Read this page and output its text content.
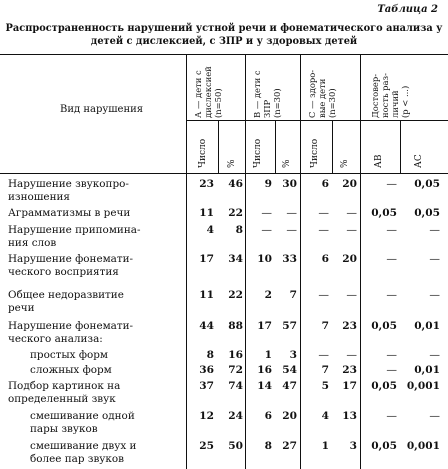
Таблица 2
Распространенность нарушений устной речи и фонематического анализа у
детей с дислексией, с ЗПР и у здоровых детей
Вид нарушения	А — дети с
дислексией
(n=50)	В — дети с
ЗПР
(n=30)	С — здоро-
вые дети
(n=30)	Достовер-
ность раз-
личий
(p < ...)
Число % Число % Число %	АВ	АС
Нарушение звукопро-
изношения
23	46	9 30	6	20	—	0,05
Аграмматизмы в речи	11	22	—	—	—	—	0,05	0,05
Нарушение припомина-
ния слов
4	8	—	—	—	—	—	—
Нарушение фонемати-
ческого восприятия
17	34	10 33	6	20	—	—
Общее недоразвитие
речи
11	22	2	7	—	—	—	—
Нарушение фонемати-
ческого анализа:
44	88	17 57	7	23	0,05	0,01
простых форм	8	16	1	3	—	—	—	—
сложных форм	36	72	16 54	7	23	—	0,01
Подбор картинок на
определенный звук
37	74	14 47	5	17	0,05 0,001
смешивание одной
пары звуков
12	24	6 20	4	13	—	—
смешивание двух и
более пар звуков
25	50	8 27	1	3	0,05 0,001
